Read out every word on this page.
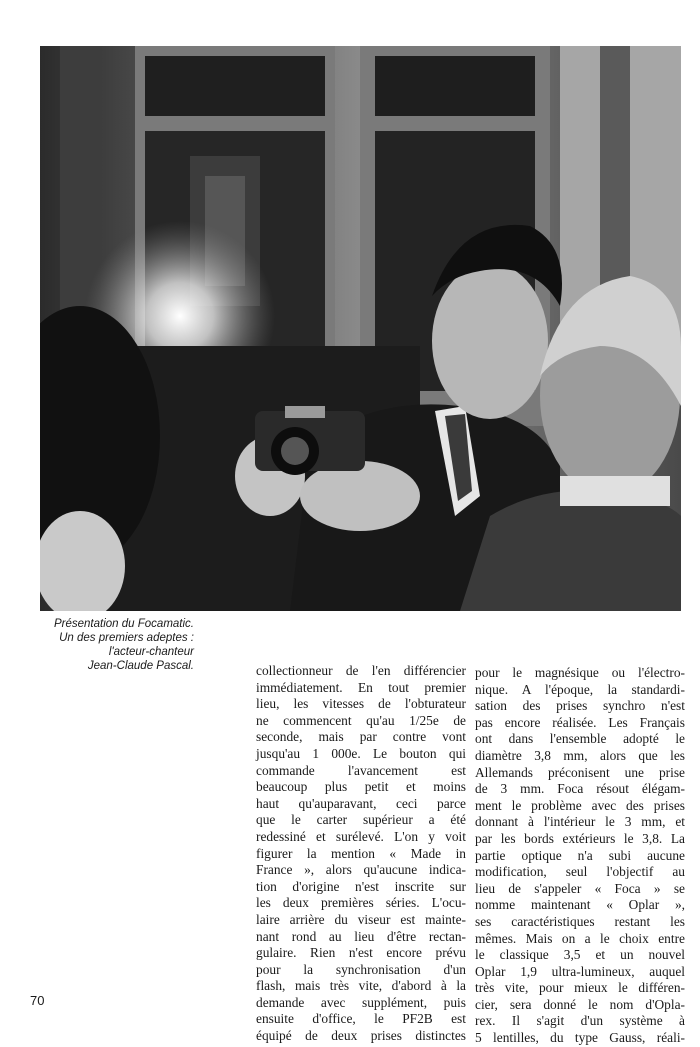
Présentation du Focamatic.
Un des premiers adeptes :
l'acteur-chanteur
Jean-Claude Pascal.	collectionneur de l'en différencier
immédiatement. En tout premier
lieu, les vitesses de l'obturateur
ne commencent qu'au 1/25e de
seconde, mais par contre vont
jusqu'au 1 000e. Le bouton qui
commande l'avancement est
beaucoup plus petit et moins
haut qu'auparavant, ceci parce
que le carter supérieur a été
redessiné et surélevé. L'on y voit
figurer la mention « Made in
France », alors qu'aucune indica-
tion d'origine n'est inscrite sur
les deux premières séries. L'ocu-
laire arrière du viseur est mainte-
nant rond au lieu d'être rectan-
gulaire. Rien n'est encore prévu
pour la synchronisation d'un
flash, mais très vite, d'abord à la
demande avec supplément, puis
ensuite d'office, le PF2B est
équipé de deux prises distinctes
pour le magnésique ou l'électro-
nique. A l'époque, la standardi-
sation des prises synchro n'est
pas encore réalisée. Les Français
ont dans l'ensemble adopté le
diamètre 3,8 mm, alors que les
Allemands préconisent une prise
de 3 mm. Foca résout élégam-
ment le problème avec des prises
donnant à l'intérieur le 3 mm, et
par les bords extérieurs le 3,8. La
partie optique n'a subi aucune
modification, seul l'objectif au
lieu de s'appeler « Foca » se
nomme maintenant « Oplar »,
ses caractéristiques restant les
mêmes. Mais on a le choix entre
le classique 3,5 et un nouvel
Oplar 1,9 ultra-lumineux, auquel
très vite, pour mieux le différen-
cier, sera donné le nom d'Opla-
rex. Il s'agit d'un système à
5 lentilles, du type Gauss, réali-
70
